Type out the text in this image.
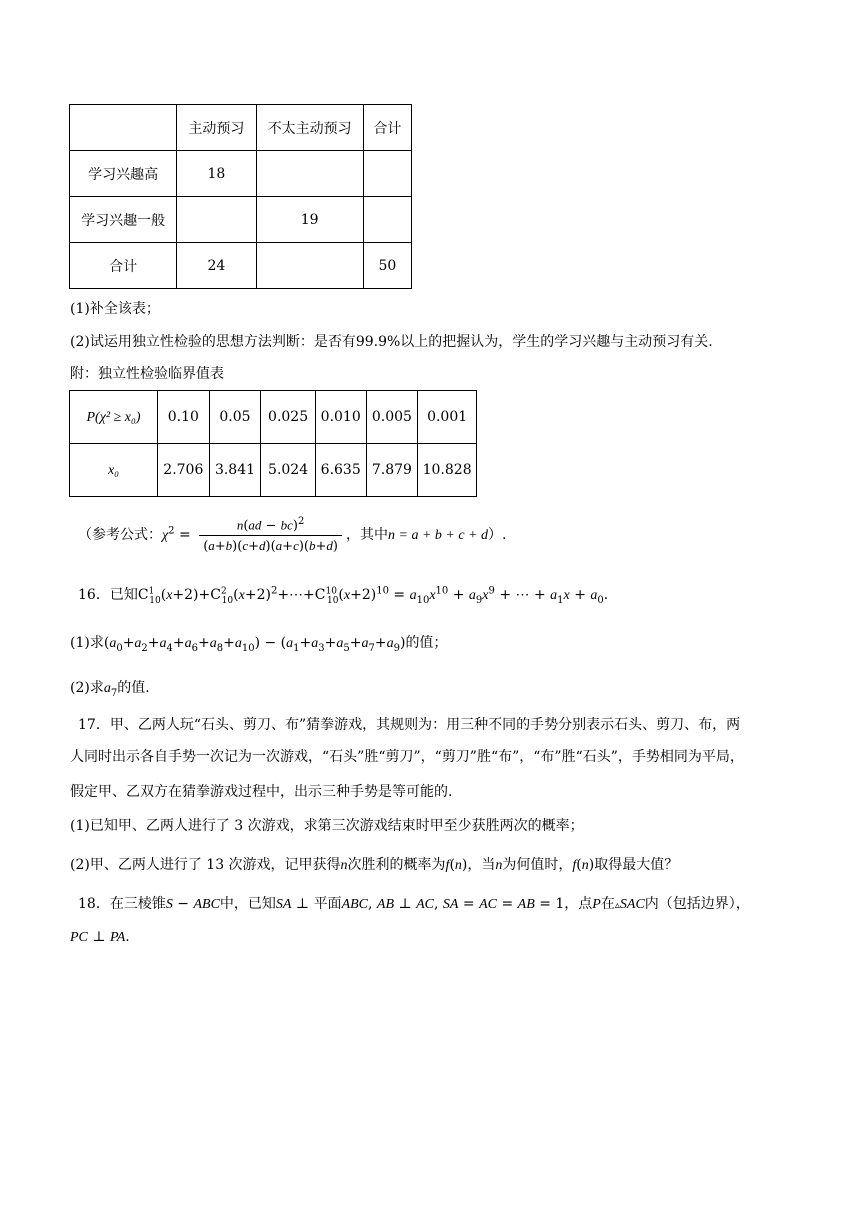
	主动预习	不太主动预习	合计
学习兴趣高	18		
学习兴趣一般		19	
合计	24		50
(1)补全该表；
(2)试运用独立性检验的思想方法判断：是否有99.9%以上的把握认为，学生的学习兴趣与主动预习有关.
附：独立性检验临界值表
P(χ² ≥ x₀)	0.10	0.05	0.025	0.010	0.005	0.001
x₀	2.706	3.841	5.024	6.635	7.879	10.828
（参考公式：$\chi^2 = \frac{n(ad - bc)^2}{(a+b)(c+d)(a+c)(b+d)}$ ，其中n = a + b + c + d）.
16．已知$C^1_{10}(x+2)+C^2_{10}(x+2)^2+\cdots+C^{10}_{10}(x+2)^{10} = a_{10}x^{10} + a_9x^9$ + ⋯ + $a_1x + a_0$.
(1)求$(a_0+a_2+a_4+a_6+a_8+a_{10}) - (a_1+a_3+a_5+a_7+a_9)$的值；
(2)求$a_7$的值.
17．甲、乙两人玩“石头、剪刀、布”猜拳游戏，其规则为：用三种不同的手势分别表示石头、剪刀、布，两
人同时出示各自手势一次记为一次游戏，“石头”胜“剪刀”，“剪刀”胜“布”，“布”胜“石头”，手势相同为平局，
假定甲、乙双方在猜拳游戏过程中，出示三种手势是等可能的.
(1)已知甲、乙两人进行了 3 次游戏，求第三次游戏结束时甲至少获胜两次的概率；
(2)甲、乙两人进行了 13 次游戏，记甲获得n次胜利的概率为f(n)，当n为何值时，f(n)取得最大值？
18．在三棱锥S − ABC中，已知SA ⊥ 平面ABC, AB ⊥ AC, SA = AC = AB = 1，点P在▵SAC内（包括边界），
PC ⊥ PA.
